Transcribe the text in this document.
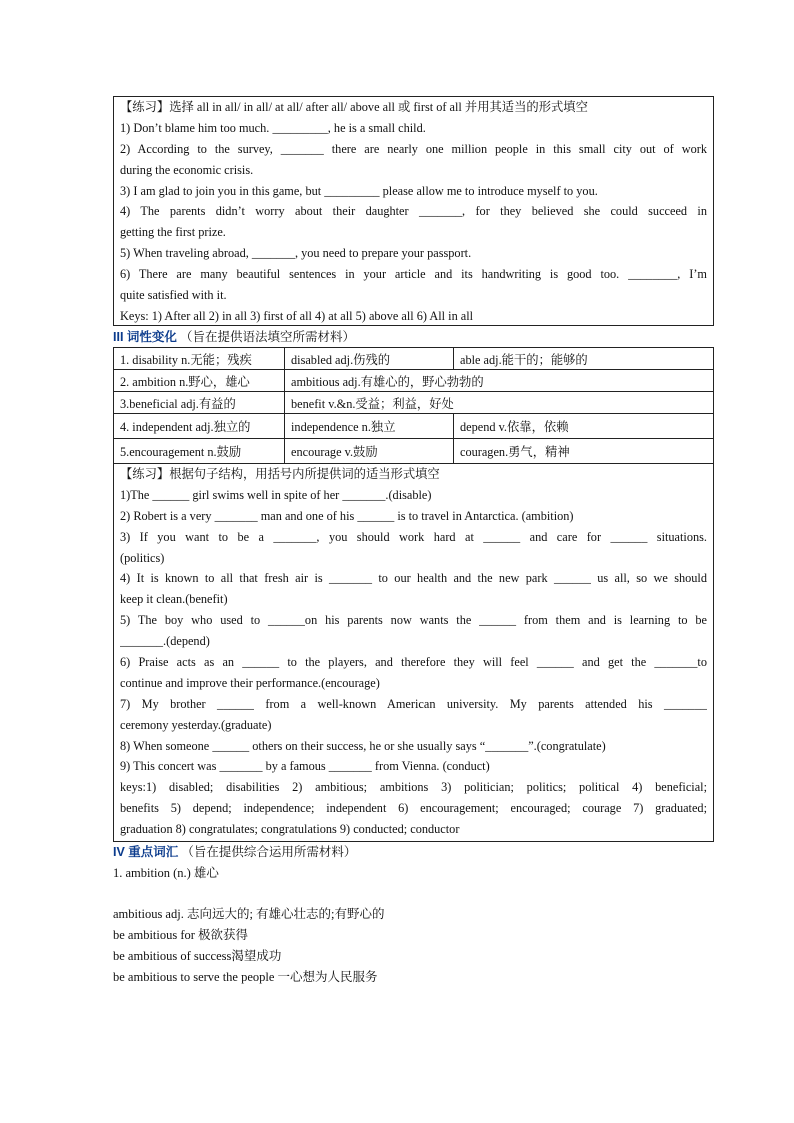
【练习】选择 all in all/ in all/ at all/ after all/ above all 或 first of all 并用其适当的形式填空
1) Don’t blame him too much. _________, he is a small child.
2) According to the survey, _______ there are nearly one million people in this small city out of work
during the economic crisis.
3) I am glad to join you in this game, but _________ please allow me to introduce myself to you.
4) The parents didn’t worry about their daughter _______, for they believed she could succeed in
getting the first prize.
5) When traveling abroad, _______, you need to prepare your passport.
6) There are many beautiful sentences in your article and its handwriting is good too. ________, I’m
quite satisfied with it.
Keys: 1) After all 2) in all 3) first of all 4) at all 5) above all 6) All in all
III 词性变化 （旨在提供语法填空所需材料）
1. disability n.无能；残疾	disabled adj.伤残的	able adj.能干的；能够的
2. ambition n.野心，雄心	ambitious adj.有雄心的，野心勃勃的	
3.beneficial adj.有益的	benefit v.&n.受益；利益，好处	
4. independent adj.独立的	independence n.独立	depend v.依靠，依赖
5.encouragement n.鼓励	encourage v.鼓励	couragen.勇气，精神
【练习】根据句子结构，用括号内所提供词的适当形式填空
1)The ______ girl swims well in spite of her _______.(disable)
2) Robert is a very _______ man and one of his ______ is to travel in Antarctica. (ambition)
3) If you want to be a _______, you should work hard at ______ and care for ______ situations.
(politics)
4) It is known to all that fresh air is _______ to our health and the new park ______ us all, so we should
keep it clean.(benefit)
5) The boy who used to ______on his parents now wants the ______ from them and is learning to be
_______.(depend)
6) Praise acts as an ______ to the players, and therefore they will feel ______ and get the _______to
continue and improve their performance.(encourage)
7) My brother ______ from a well-known American university. My parents attended his _______
ceremony yesterday.(graduate)
8) When someone ______ others on their success, he or she usually says “_______”.(congratulate)
9) This concert was _______ by a famous _______ from Vienna. (conduct)
keys:1) disabled; disabilities 2) ambitious; ambitions 3) politician; politics; political 4) beneficial;
benefits 5) depend; independence; independent 6) encouragement; encouraged; courage 7) graduated;
graduation 8) congratulates; congratulations 9) conducted; conductor
IV 重点词汇 （旨在提供综合运用所需材料）
1. ambition (n.) 雄心
ambitious adj. 志向远大的; 有雄心壮志的;有野心的
be ambitious for 极欲获得
be ambitious of success渴望成功
be ambitious to serve the people 一心想为人民服务
